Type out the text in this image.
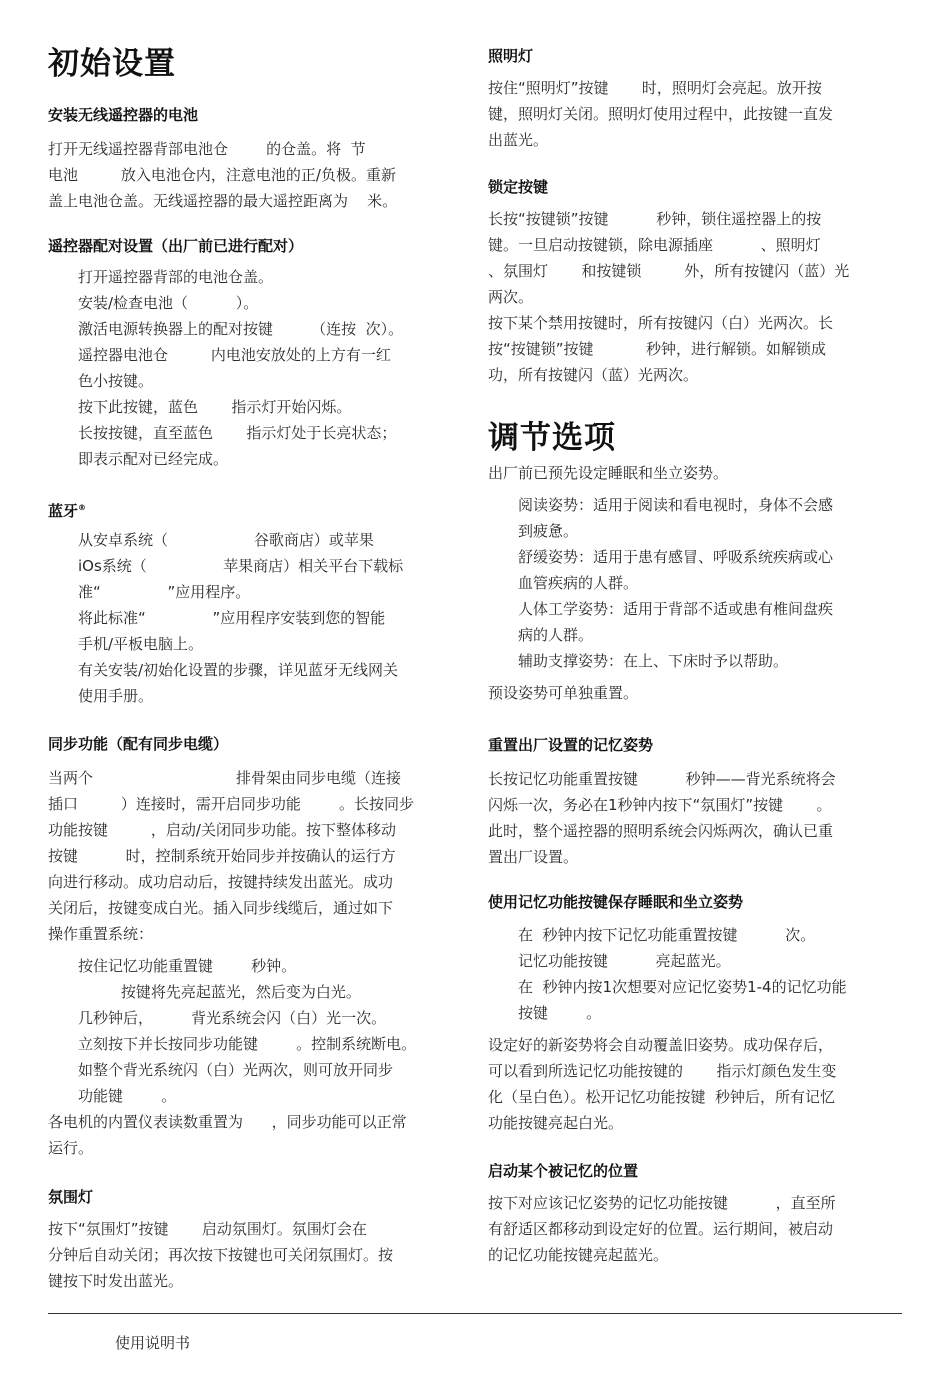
初始设置
安装无线遥控器的电池
打开无线遥控器背部电池仓        的仓盖。将  节
电池         放入电池仓内，注意电池的正/负极。重新
盖上电池仓盖。无线遥控器的最大遥控距离为    米。
遥控器配对设置（出厂前已进行配对）
打开遥控器背部的电池仓盖。
安装/检查电池（          ）。
激活电源转换器上的配对按键        （连按  次）。
遥控器电池仓         内电池安放处的上方有一红
色小按键。
按下此按键，蓝色       指示灯开始闪烁。
长按按键，直至蓝色       指示灯处于长亮状态；
即表示配对已经完成。
蓝牙®
从安卓系统（                  谷歌商店）或苹果
iOs系统（                苹果商店）相关平台下载标
准“              ”应用程序。
将此标准“              ”应用程序安装到您的智能
手机/平板电脑上。
有关安装/初始化设置的步骤，详见蓝牙无线网关
使用手册。
同步功能（配有同步电缆）
当两个                              排骨架由同步电缆（连接
插口         ）连接时，需开启同步功能        。长按同步
功能按键         ，启动/关闭同步功能。按下整体移动
按键          时，控制系统开始同步并按确认的运行方
向进行移动。成功启动后，按键持续发出蓝光。成功
关闭后，按键变成白光。插入同步线缆后，通过如下
操作重置系统：
按住记忆功能重置键        秒钟。
按键将先亮起蓝光，然后变为白光。
几秒钟后，        背光系统会闪（白）光一次。
立刻按下并长按同步功能键        。控制系统断电。
如整个背光系统闪（白）光两次，则可放开同步
功能键        。
各电机的内置仪表读数重置为      ，同步功能可以正常
运行。
氛围灯
按下“氛围灯”按键       启动氛围灯。氛围灯会在
分钟后自动关闭；再次按下按键也可关闭氛围灯。按
键按下时发出蓝光。
照明灯
按住“照明灯”按键       时，照明灯会亮起。放开按
键，照明灯关闭。照明灯使用过程中，此按键一直发
出蓝光。
锁定按键
长按“按键锁”按键          秒钟，锁住遥控器上的按
键。一旦启动按键锁，除电源插座          、照明灯
、氛围灯       和按键锁         外，所有按键闪（蓝）光
两次。
按下某个禁用按键时，所有按键闪（白）光两次。长
按“按键锁”按键           秒钟，进行解锁。如解锁成
功，所有按键闪（蓝）光两次。
调节选项
出厂前已预先设定睡眠和坐立姿势。
阅读姿势：适用于阅读和看电视时，身体不会感
到疲惫。
舒缓姿势：适用于患有感冒、呼吸系统疾病或心
血管疾病的人群。
人体工学姿势：适用于背部不适或患有椎间盘疾
病的人群。
辅助支撑姿势：在上、下床时予以帮助。
预设姿势可单独重置。
重置出厂设置的记忆姿势
长按记忆功能重置按键          秒钟——背光系统将会
闪烁一次，务必在1秒钟内按下“氛围灯”按键       。
此时，整个遥控器的照明系统会闪烁两次，确认已重
置出厂设置。
使用记忆功能按键保存睡眠和坐立姿势
在  秒钟内按下记忆功能重置按键          次。
记忆功能按键          亮起蓝光。
在  秒钟内按1次想要对应记忆姿势1-4的记忆功能
按键        。
设定好的新姿势将会自动覆盖旧姿势。成功保存后，
可以看到所选记忆功能按键的       指示灯颜色发生变
化（呈白色）。松开记忆功能按键  秒钟后，所有记忆
功能按键亮起白光。
启动某个被记忆的位置
按下对应该记忆姿势的记忆功能按键          ，直至所
有舒适区都移动到设定好的位置。运行期间，被启动
的记忆功能按键亮起蓝光。
使用说明书
